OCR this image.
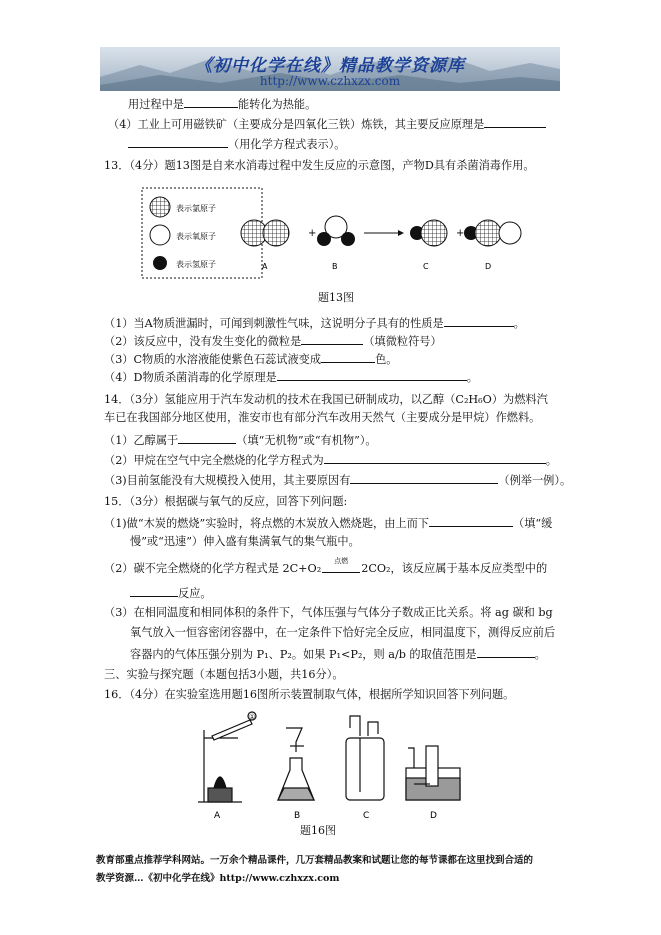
《初中化学在线》精品教学资源库
http://www.czhxzx.com
用过程中是	能转化为热能。
（4）工业上可用磁铁矿（主要成分是四氧化三铁）炼铁，其主要反应原理是
（用化学方程式表示）。
13．（4分）题13图是自来水消毒过程中发生反应的示意图，产物D具有杀菌消毒作用。
表示氯原子
表示氧原子
表示氢原子	A
+
B	C
+
D
题13图
（1）当A物质泄漏时，可闻到刺激性气味，这说明分子具有的性质是	。
（2）该反应中，没有发生变化的微粒是	（填微粒符号）
（3）C物质的水溶液能使紫色石蕊试液变成	色。
（4）D物质杀菌消毒的化学原理是	。
14．（3分）氢能应用于汽车发动机的技术在我国已研制成功，以乙醇（C₂H₆O）为燃料汽
车已在我国部分地区使用，淮安市也有部分汽车改用天然气（主要成分是甲烷）作燃料。
（1）乙醇属于	（填“无机物”或“有机物”）。
（2）甲烷在空气中完全燃烧的化学方程式为	。
（3)目前氢能没有大规模投入使用，其主要原因有	（例举一例）。
15．（3分）根据碳与氧气的反应，回答下列问题:
（1)做“木炭的燃烧”实验时，将点燃的木炭放入燃烧匙，由上而下	（填“缓
慢”或“迅速”）伸入盛有集满氧气的集气瓶中。
（2）碳不完全燃烧的化学方程式是 2C+O₂
点燃
2CO₂，该反应属于基本反应类型中的
反应。
（3）在相同温度和相同体积的条件下，气体压强与气体分子数成正比关系。将 ag 碳和 bg
氧气放入一恒容密闭容器中，在一定条件下恰好完全反应，相同温度下，测得反应前后
容器内的气体压强分别为 P₁、P₂。如果 P₁<P₂，则 a/b 的取值范围是	。
三、实验与探究题（本题包括3小题，共16分）。
16．（4分）在实验室选用题16图所示装置制取气体，根据所学知识回答下列问题。
A
①
B	C	D
题16图
教育部重点推荐学科网站。一万余个精品课件，几万套精品教案和试题让您的每节课都在这里找到合适的
教学资源…《初中化学在线》http://www.czhxzx.com
